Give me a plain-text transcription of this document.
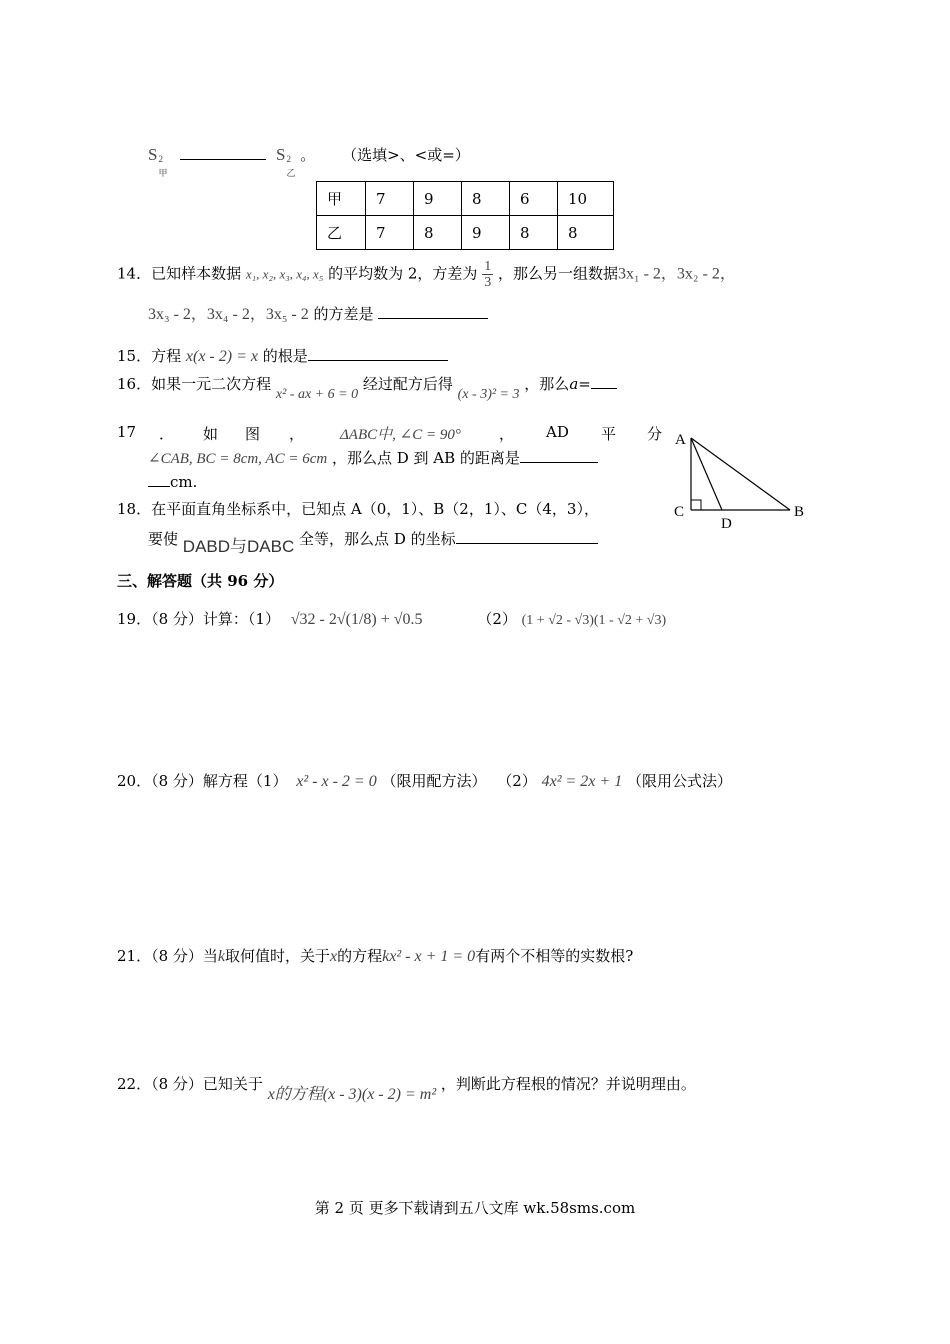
S 2
甲
S 2
乙
。 （选填>、<或=）
甲	7	9	8	6	10
乙	7	8	9	8	8
14．已知样本数据 x₁, x₂, x₃, x₄, x₅ 的平均数为 2，方差为 $\frac{1}{3}$ ，那么另一组数据3x₁ - 2，3x₂ - 2，
3x₃ - 2，3x₄ - 2，3x₅ - 2 的方差是
15．方程 x(x - 2) = x 的根是
16．如果一元二次方程 x² - ax + 6 = 0 经过配方后得 (x - 3)² = 3 ，那么a=
17 ． 如 图 ， ΔABC中, ∠C = 90°	， AD 平 分
∠CAB, BC = 8cm, AC = 6cm ，那么点 D 到 AB 的距离是
cm.
18．在平面直角坐标系中，已知点 A（0，1）、B（2，1）、C（4，3），
要使 DABD与DABC 全等，那么点 D 的坐标
A
B
C
D
三、解答题（共 96 分）
19．（8 分）计算：（1） √32 - 2√(1/8) + √0.5	（2） (1 + √2 - √3)(1 - √2 + √3)
20．（8 分）解方程（1） x² - x - 2 = 0 （限用配方法） （2） 4x² = 2x + 1 （限用公式法）
21．（8 分）当k取何值时，关于x的方程kx² - x + 1 = 0有两个不相等的实数根?
22．（8 分）已知关于 x的方程(x - 3)(x - 2) = m² ，判断此方程根的情况？并说明理由。
第 2 页 更多下载请到五八文库 wk.58sms.com
